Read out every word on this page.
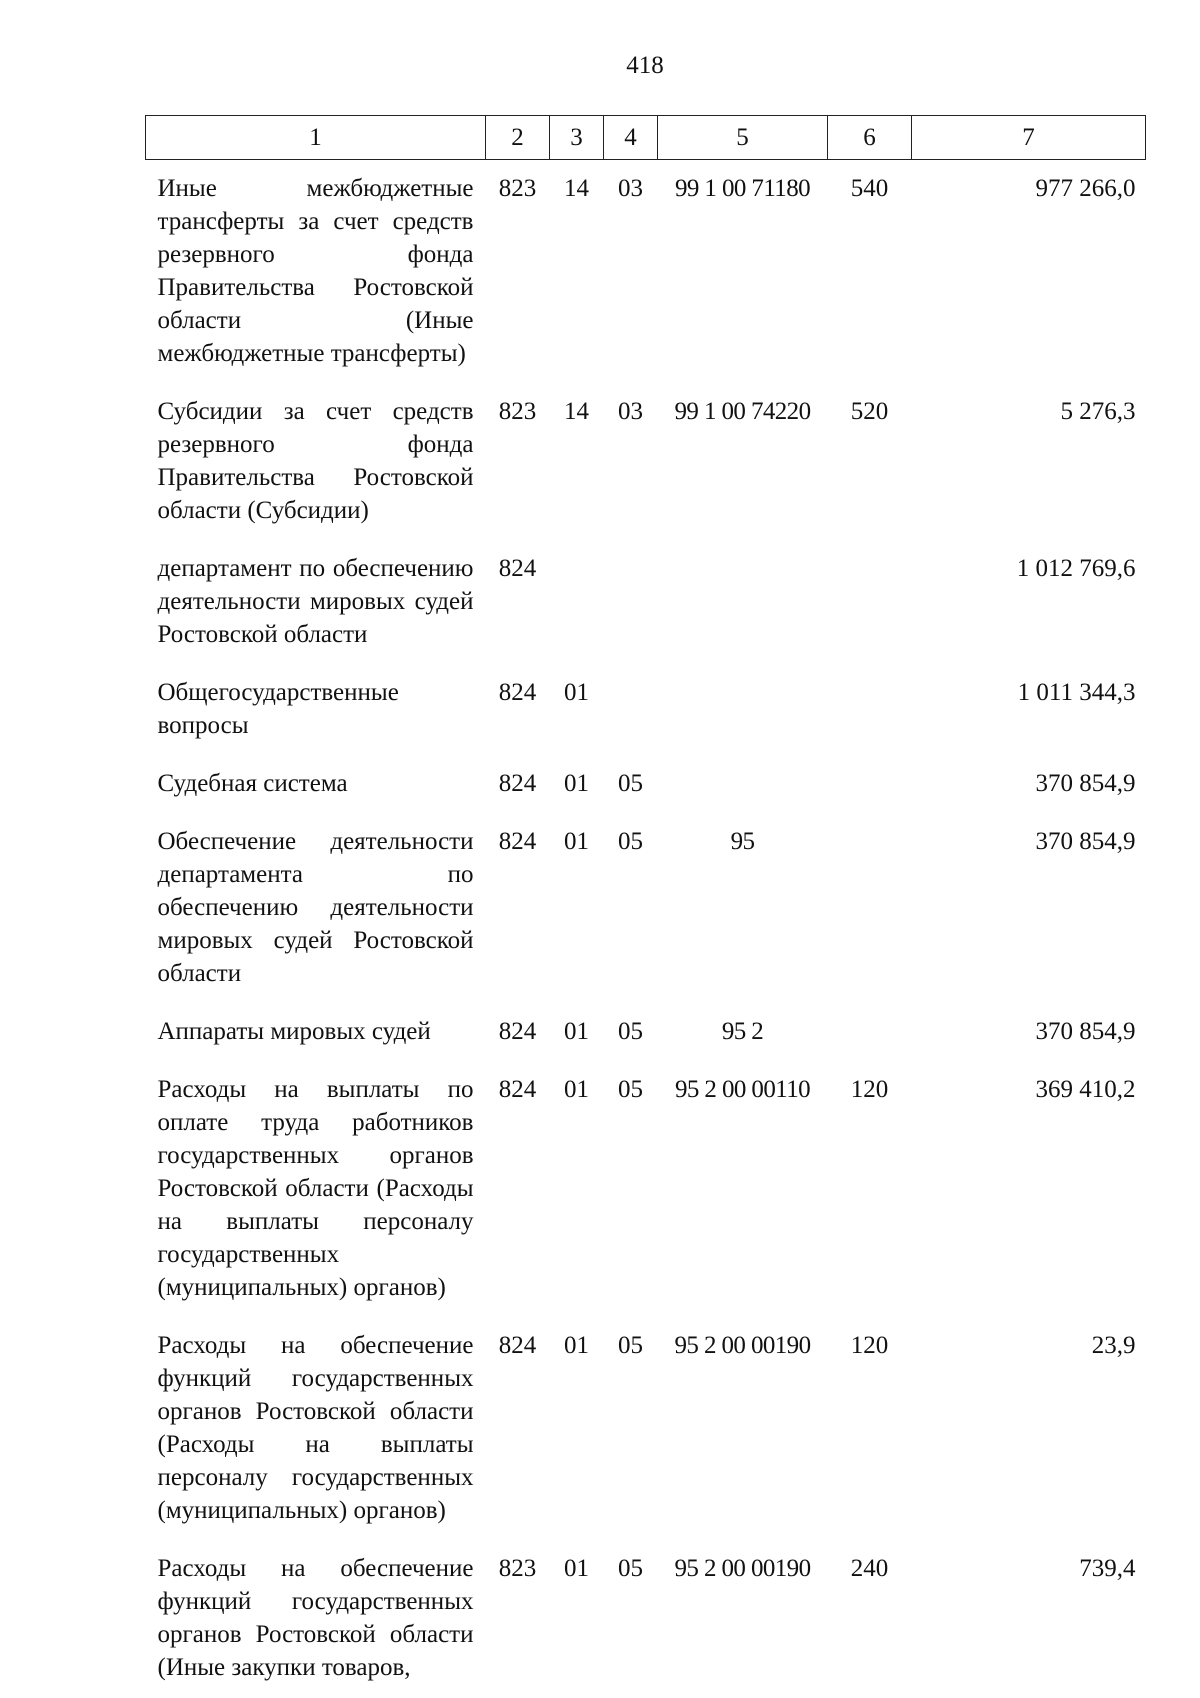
418
1	2	3	4	5	6	7
Иные межбюджетные трансферты за счет средств резервного фонда Правительства Ростовской области (Иные межбюджетные трансферты)	823	14	03	99 1 00 71180	540	977 266,0
Субсидии за счет средств резервного фонда Правительства Ростовской области (Субсидии)	823	14	03	99 1 00 74220	520	5 276,3
департамент по обеспечению деятельности мировых судей Ростовской области	824					1 012 769,6
Общегосударственные вопросы	824	01				1 011 344,3
Судебная система	824	01	05			370 854,9
Обеспечение деятельности департамента по обеспечению деятельности мировых судей Ростовской области	824	01	05	95		370 854,9
Аппараты мировых судей	824	01	05	95 2		370 854,9
Расходы на выплаты по оплате труда работников государственных органов Ростовской области (Расходы на выплаты персоналу государственных (муниципальных) органов)	824	01	05	95 2 00 00110	120	369 410,2
Расходы на обеспечение функций государственных органов Ростовской области (Расходы на выплаты персоналу государственных (муниципальных) органов)	824	01	05	95 2 00 00190	120	23,9
Расходы на обеспечение функций государственных органов Ростовской области (Иные закупки товаров,	823	01	05	95 2 00 00190	240	739,4
